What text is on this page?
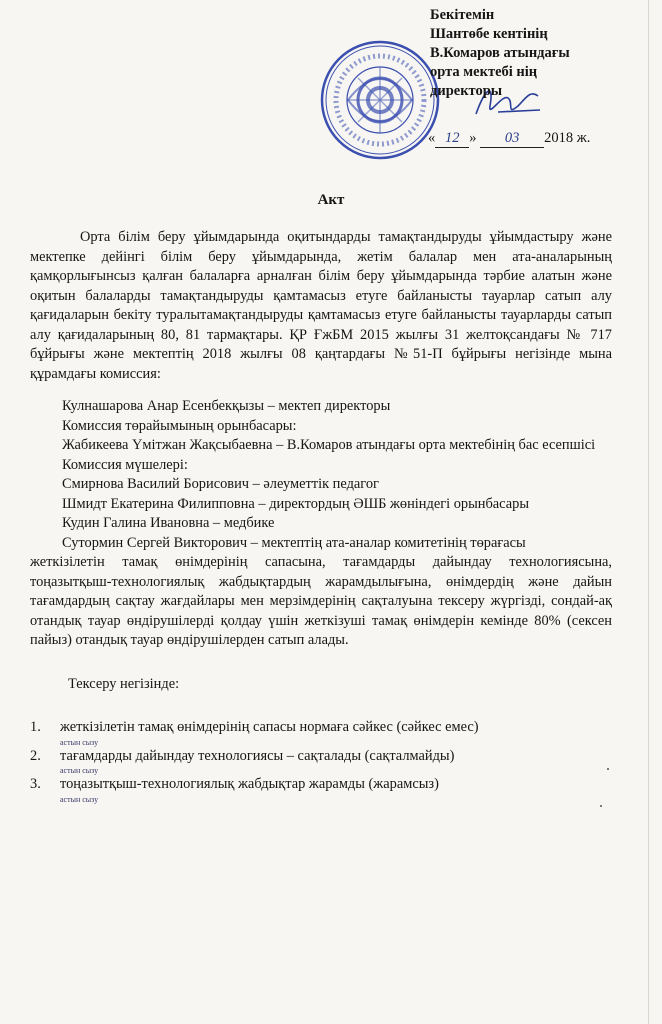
Бекітемін
Шантөбе кентінің
В.Комаров атындағы
орта мектебі нің
директоры
« 12 » 03 2018 ж.
Акт

Орта білім беру ұйымдарында оқитындарды тамақтандыруды ұйымдастыру және мектепке дейінгі білім беру ұйымдарында, жетім балалар мен ата-аналарының қамқорлығынсыз қалған балаларға арналған білім беру ұйымдарында тәрбие алатын және оқитын балаларды тамақтандыруды қамтамасыз етуге байланысты тауарлар сатып алу қағидаларын бекіту туралытамақтандыруды қамтамасыз етуге байланысты тауарларды сатып алу қағидаларының 80, 81 тармақтары. ҚР ҒжБМ 2015 жылғы 31 желтоқсандағы № 717 бұйрығы және мектептің 2018 жылғы 08 қаңтардағы №51-П бұйрығы негізінде мына құрамдағы комиссия:

Кулнашарова Анар Есенбекқызы – мектеп директоры

Комиссия төрайымының орынбасары:

Жабикеева Үмітжан Жақсыбаевна – В.Комаров атындағы орта мектебінің бас есепшісі

Комиссия мүшелері:

Смирнова Василий Борисович – әлеуметтік педагог

Шмидт Екатерина Филипповна – директордың ӘШБ жөніндегі орынбасары

Кудин Галина Ивановна – медбике

Сутормин Сергей Викторович – мектептің ата-аналар комитетінің төрағасы

жеткізілетін тамақ өнімдерінің сапасына, тағамдарды дайындау технологиясына, тоңазытқыш-технологиялық жабдықтардың жарамдылығына, өнімдердің және дайын тағамдардың сақтау жағдайлары мен мерзімдерінің сақталуына тексеру жүргізді, сондай-ақ отандық тауар өндірушілерді қолдау үшін жеткізуші тамақ өнімдерін кемінде 80% (сексен пайыз) отандық тауар өндірушілерден сатып алады.

Тексеру негізінде:

1. жеткізілетін тамақ өнімдерінің сапасы нормаға сәйкес (сәйкес емес)
астын сызу
2. тағамдарды дайындау технологиясы – сақталады (сақталмайды)
астын сызу
3. тоңазытқыш-технологиялық жабдықтар жарамды (жарамсыз)
астын сызу
